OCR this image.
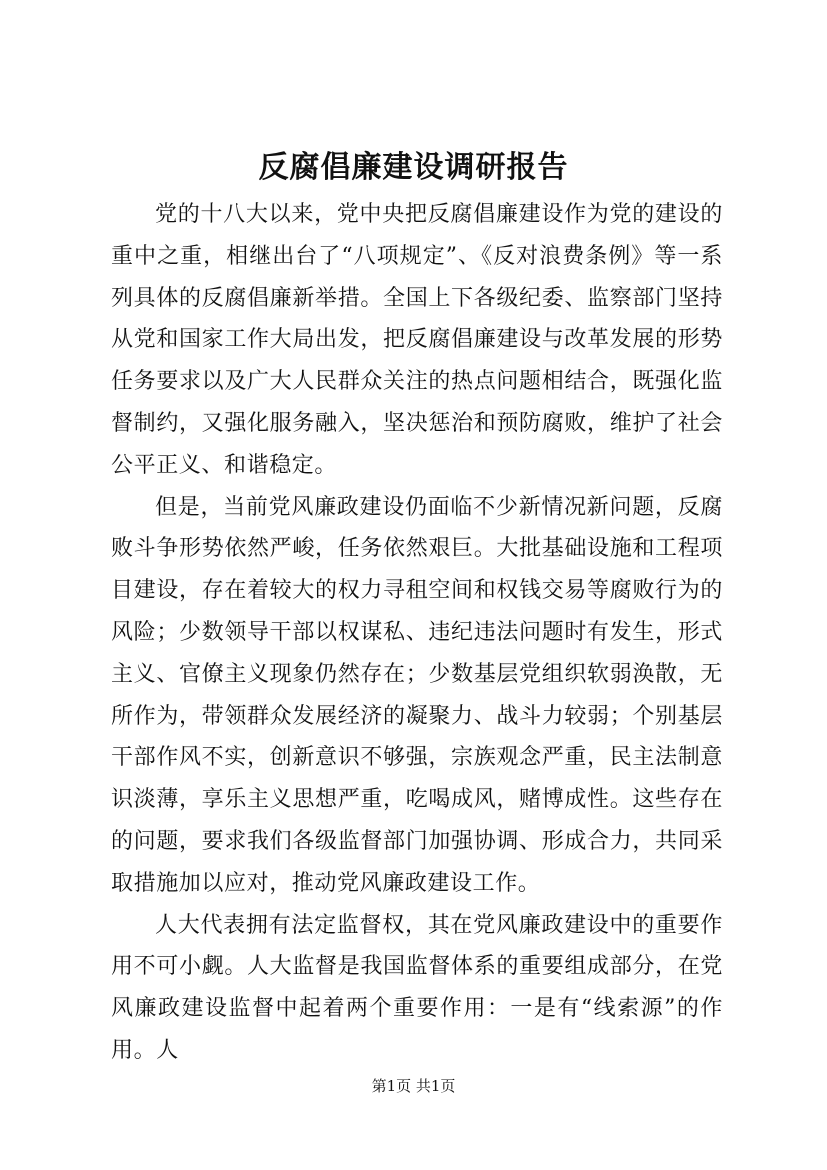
反腐倡廉建设调研报告

党的十八大以来，党中央把反腐倡廉建设作为党的建设的重中之重，相继出台了“八项规定”、《反对浪费条例》等一系列具体的反腐倡廉新举措。全国上下各级纪委、监察部门坚持从党和国家工作大局出发，把反腐倡廉建设与改革发展的形势任务要求以及广大人民群众关注的热点问题相结合，既强化监督制约，又强化服务融入，坚决惩治和预防腐败，维护了社会公平正义、和谐稳定。

但是，当前党风廉政建设仍面临不少新情况新问题，反腐败斗争形势依然严峻，任务依然艰巨。大批基础设施和工程项目建设，存在着较大的权力寻租空间和权钱交易等腐败行为的风险；少数领导干部以权谋私、违纪违法问题时有发生，形式主义、官僚主义现象仍然存在；少数基层党组织软弱涣散，无所作为，带领群众发展经济的凝聚力、战斗力较弱；个别基层干部作风不实，创新意识不够强，宗族观念严重，民主法制意识淡薄，享乐主义思想严重，吃喝成风，赌博成性。这些存在的问题，要求我们各级监督部门加强协调、形成合力，共同采取措施加以应对，推动党风廉政建设工作。

人大代表拥有法定监督权，其在党风廉政建设中的重要作用不可小觑。人大监督是我国监督体系的重要组成部分，在党风廉政建设监督中起着两个重要作用：一是有“线索源”的作用。人

第1页 共1页
